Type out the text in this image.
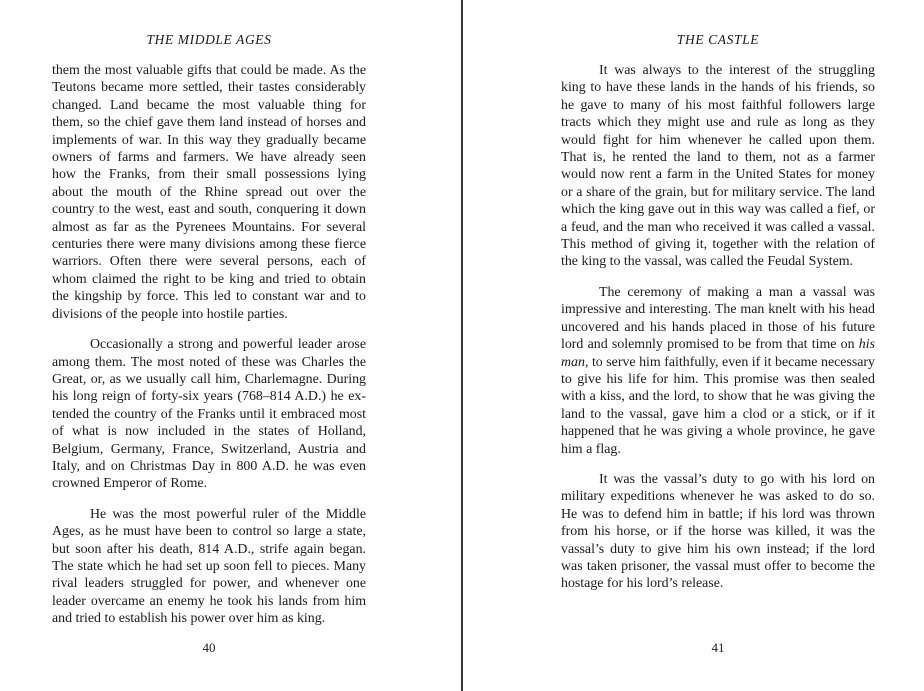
THE MIDDLE AGES

them the most valuable gifts that could be made. As the Teutons became more settled, their tastes considerably changed. Land became the most valuable thing for them, so the chief gave them land instead of horses and implements of war. In this way they gradually became owners of farms and farmers. We have already seen how the Franks, from their small possessions lying about the mouth of the Rhine spread out over the country to the west, east and south, conquering it down almost as far as the Pyrenees Mountains. For several centuries there were many divisions among these fierce warriors. Often there were several persons, each of whom claimed the right to be king and tried to obtain the kingship by force. This led to constant war and to divisions of the people into hostile parties.

Occasionally a strong and powerful leader arose among them. The most noted of these was Charles the Great, or, as we usually call him, Charlemagne. During his long reign of forty-six years (768–814 A.D.) he extended the country of the Franks until it embraced most of what is now included in the states of Holland, Belgium, Germany, France, Switzerland, Austria and Italy, and on Christmas Day in 800 A.D. he was even crowned Emperor of Rome.

He was the most powerful ruler of the Middle Ages, as he must have been to control so large a state, but soon after his death, 814 A.D., strife again began. The state which he had set up soon fell to pieces. Many rival leaders struggled for power, and whenever one leader overcame an enemy he took his lands from him and tried to establish his power over him as king.

40
THE CASTLE

It was always to the interest of the struggling king to have these lands in the hands of his friends, so he gave to many of his most faithful followers large tracts which they might use and rule as long as they would fight for him whenever he called upon them. That is, he rented the land to them, not as a farmer would now rent a farm in the United States for money or a share of the grain, but for military service. The land which the king gave out in this way was called a fief, or a feud, and the man who received it was called a vassal. This method of giving it, together with the relation of the king to the vassal, was called the Feudal System.

The ceremony of making a man a vassal was impressive and interesting. The man knelt with his head uncovered and his hands placed in those of his future lord and solemnly promised to be from that time on his man, to serve him faithfully, even if it became necessary to give his life for him. This promise was then sealed with a kiss, and the lord, to show that he was giving the land to the vassal, gave him a clod or a stick, or if it happened that he was giving a whole province, he gave him a flag.

It was the vassal’s duty to go with his lord on military expeditions whenever he was asked to do so. He was to defend him in battle; if his lord was thrown from his horse, or if the horse was killed, it was the vassal’s duty to give him his own instead; if the lord was taken prisoner, the vassal must offer to become the hostage for his lord’s release.

41
